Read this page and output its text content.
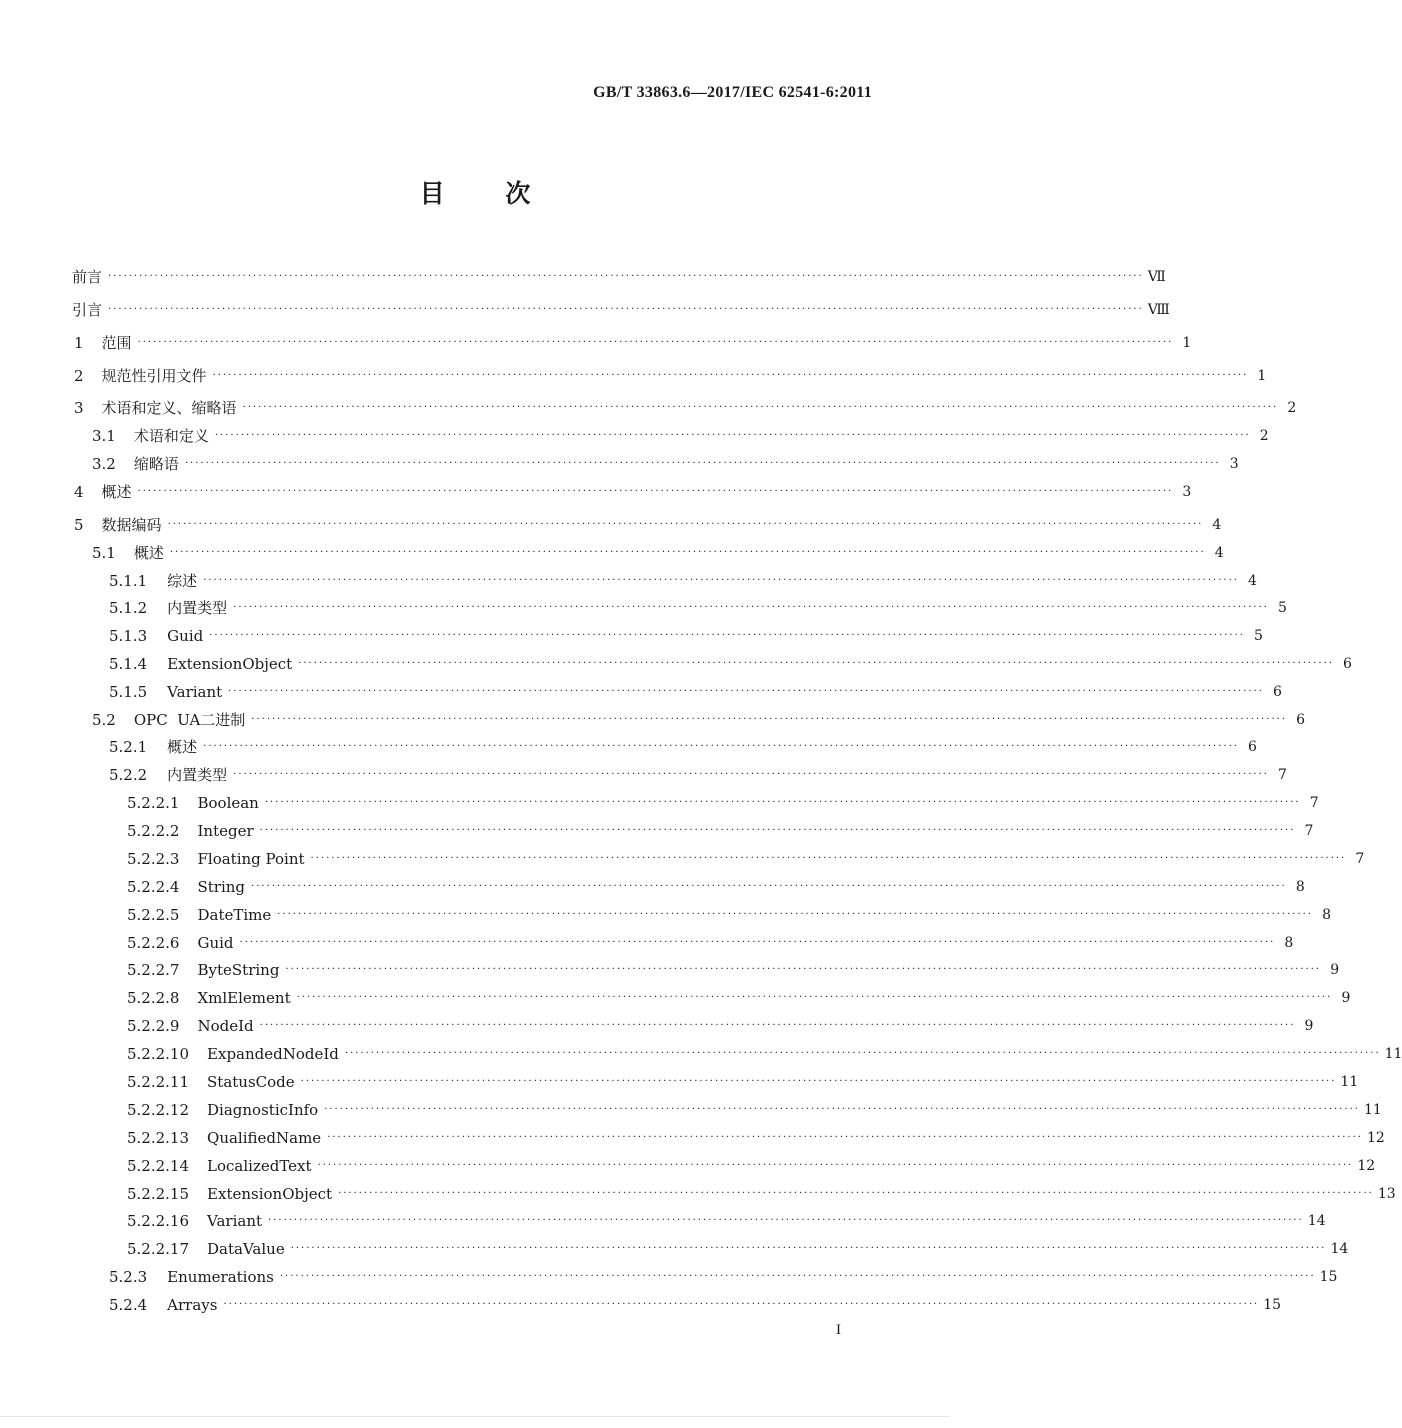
GB/T 33863.6—2017/IEC 62541-6:2011
目 次
前言 ········································································································································································································ Ⅶ
引言 ········································································································································································································ Ⅷ
1 范围 ········································································································································································································ 1
2 规范性引用文件 ········································································································································································································ 1
3 术语和定义、缩略语 ········································································································································································································ 2
3.1 术语和定义 ········································································································································································································ 2
3.2 缩略语 ········································································································································································································ 3
4 概述 ········································································································································································································ 3
5 数据编码 ········································································································································································································ 4
5.1 概述 ········································································································································································································ 4
5.1.1 综述 ········································································································································································································ 4
5.1.2 内置类型 ········································································································································································································ 5
5.1.3 Guid ········································································································································································································ 5
5.1.4 ExtensionObject ········································································································································································································ 6
5.1.5 Variant ········································································································································································································ 6
5.2 OPC  UA二进制 ········································································································································································································ 6
5.2.1 概述 ········································································································································································································ 6
5.2.2 内置类型 ········································································································································································································ 7
5.2.2.1 Boolean ········································································································································································································ 7
5.2.2.2 Integer ········································································································································································································ 7
5.2.2.3 Floating Point ········································································································································································································ 7
5.2.2.4 String ········································································································································································································ 8
5.2.2.5 DateTime ········································································································································································································ 8
5.2.2.6 Guid ········································································································································································································ 8
5.2.2.7 ByteString ········································································································································································································ 9
5.2.2.8 XmlElement ········································································································································································································ 9
5.2.2.9 NodeId ········································································································································································································ 9
5.2.2.10 ExpandedNodeId ········································································································································································································ 11
5.2.2.11 StatusCode ········································································································································································································ 11
5.2.2.12 DiagnosticInfo ········································································································································································································ 11
5.2.2.13 QualifiedName ········································································································································································································ 12
5.2.2.14 LocalizedText ········································································································································································································ 12
5.2.2.15 ExtensionObject ········································································································································································································ 13
5.2.2.16 Variant ········································································································································································································ 14
5.2.2.17 DataValue ········································································································································································································ 14
5.2.3 Enumerations ········································································································································································································ 15
5.2.4 Arrays ········································································································································································································ 15
I
